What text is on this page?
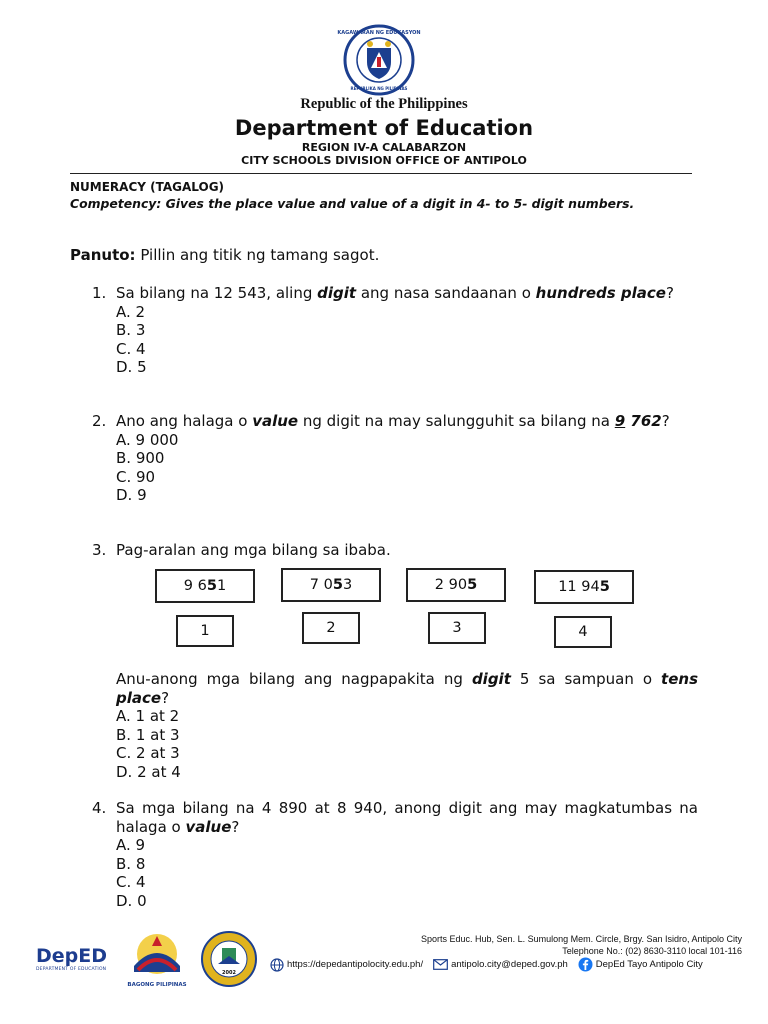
KAGAWARAN NG EDUKASYON
REPUBLIKA NG PILIPINAS
Republic of the Philippines
Department of Education
REGION IV-A CALABARZON
CITY SCHOOLS DIVISION OFFICE OF ANTIPOLO
NUMERACY (TAGALOG)
Competency: Gives the place value and value of a digit in 4- to 5- digit numbers.
Panuto: Pillin ang titik ng tamang sagot.
1. Sa bilang na 12 543, aling digit ang nasa sandaanan o hundreds place?
A. 2
B. 3
C. 4
D. 5
2. Ano ang halaga o value ng digit na may salungguhit sa bilang na 9 762?
A. 9 000
B. 900
C. 90
D. 9
3. Pag-aralan ang mga bilang sa ibaba.
9 6 5 1	7 0 5 3	2 90 5	11 94 5
1	2	3	4
Anu-anong mga bilang ang nagpapakita ng digit 5 sa sampuan o tens place?
A. 1 at 2
B. 1 at 3
C. 2 at 3
D. 2 at 4
4. Sa mga bilang na 4 890 at 8 940, anong digit ang may magkatumbas na halaga o value?
A. 9
B. 8
C. 4
D. 0
DepED
DEPARTMENT OF EDUCATION
BAGONG PILIPINAS
2002
Sports Educ. Hub, Sen. L. Sumulong Mem. Circle, Brgy. San Isidro, Antipolo City
Telephone No.: (02) 8630-3110 local 101-116
https://depedantipolocity.edu.ph/	antipolo.city@deped.gov.ph	DepEd Tayo Antipolo City
